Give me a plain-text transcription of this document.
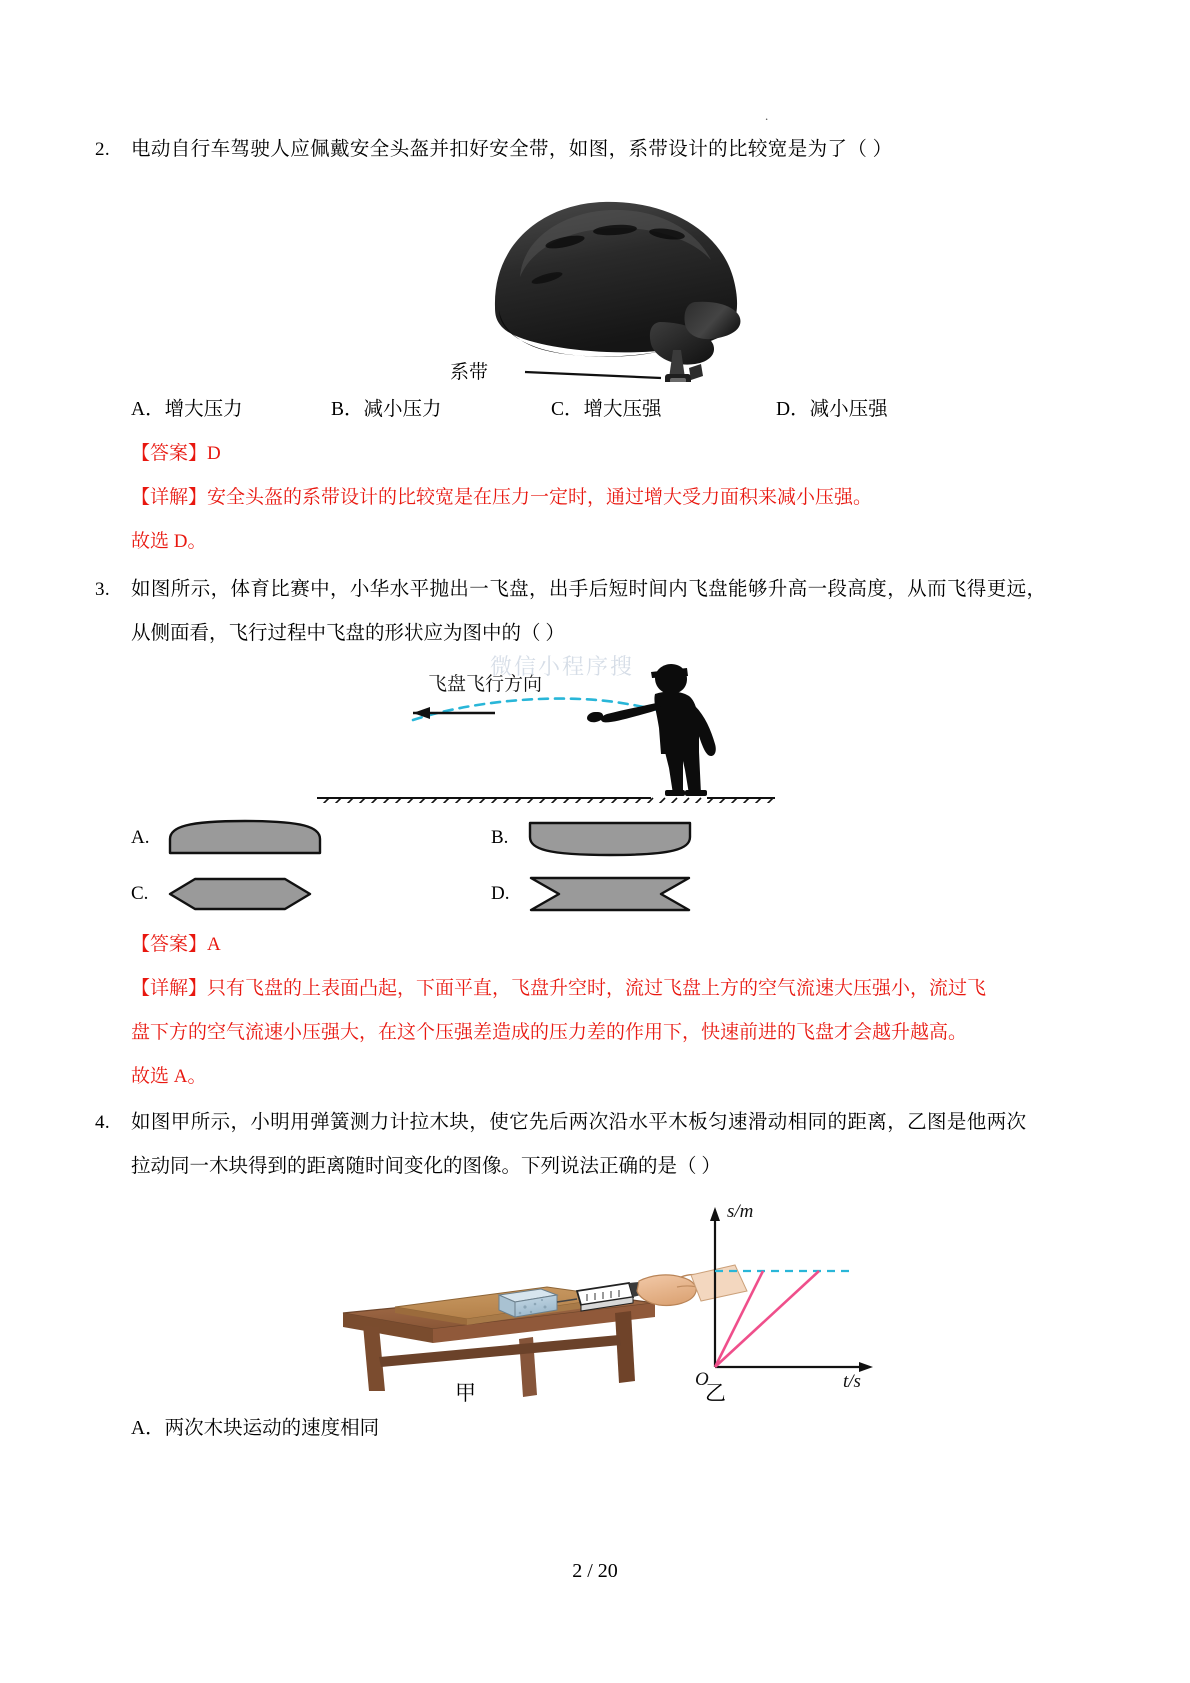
.
2.	电动自行车驾驶人应佩戴安全头盔并扣好安全带，如图，系带设计的比较宽是为了（ ）
系带
A．增大压力	B．减小压力	C．增大压强	D．减小压强
【答案】D
【详解】安全头盔的系带设计的比较宽是在压力一定时，通过增大受力面积来减小压强。
故选 D。
3.	如图所示，体育比赛中，小华水平抛出一飞盘，出手后短时间内飞盘能够升高一段高度，从而飞得更远，
从侧面看，飞行过程中飞盘的形状应为图中的（ ）
微信小程序搜
飞盘飞行方向
A.	B.
C.	D.
【答案】A
【详解】只有飞盘的上表面凸起，下面平直，飞盘升空时，流过飞盘上方的空气流速大压强小，流过飞
盘下方的空气流速小压强大，在这个压强差造成的压力差的作用下，快速前进的飞盘才会越升越高。
故选 A。
4.	如图甲所示，小明用弹簧测力计拉木块，使它先后两次沿水平木板匀速滑动相同的距离，乙图是他两次
拉动同一木块得到的距离随时间变化的图像。下列说法正确的是（ ）
s/m
t/s
O
甲	乙
A．两次木块运动的速度相同
2 / 20
